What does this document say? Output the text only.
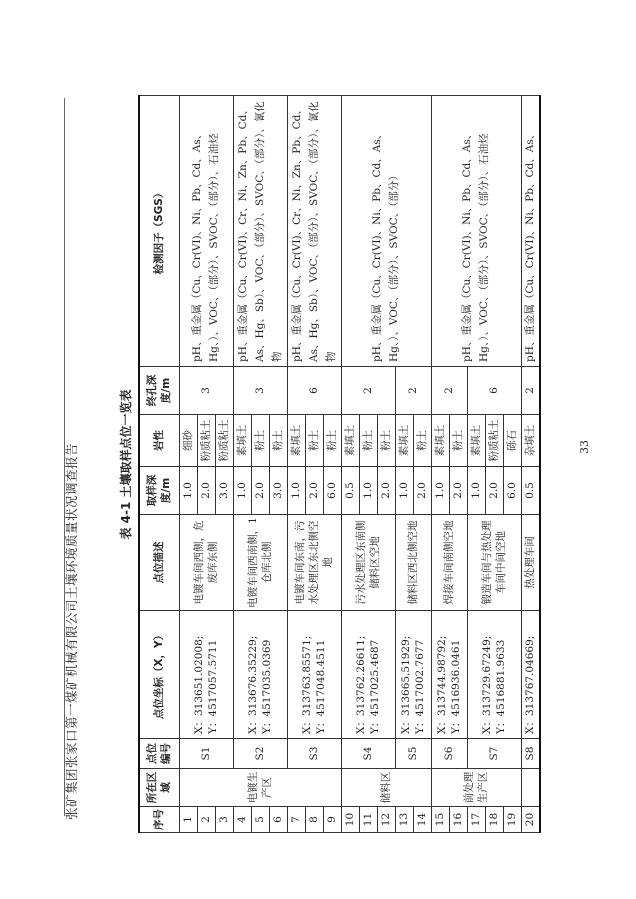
张矿集团张家口第一煤矿机械有限公司土壤环境质量状况调查报告	33
表 4-1 土壤取样点位一览表
序号	所在区域	点位编号	点位坐标（X，Y）	点位描述	取样深度/m	岩性	终孔深度/m	检测因子（SGS）
1	电镀生产区	S1	X：313651.02008; Y：4517057.5711	电镀车间西侧，危废库东侧	1.0	细砂	3	pH、重金属（Cu、Cr(VI)、Ni、Pb、Cd、As、Hg、）、VOC、（部分）、SVOC、（部分）、石油烃
2					2.0	粉质粘土		
3					3.0	粉质粘土		
4		S2	X：313676.35229; Y：4517035.0369	电镀车间西南侧，1 仓库北侧	1.0	素填土	3	pH、重金属（Cu、Cr(VI)、Cr、Ni、Zn、Pb、Cd、As、Hg、Sb）、VOC、（部分）、SVOC、（部分）、氰化物
5					2.0	粉土		
6					3.0	粉土		
7		S3	X：313763.85571; Y：4517048.4511	电镀车间东南，污水处理区东北侧空地	1.0	素填土	6	pH、重金属（Cu、Cr(VI)、Cr、Ni、Zn、Pb、Cd、As、Hg、Sb）、VOC、（部分）、SVOC、（部分）、氰化物
8					2.0	粉土		
9					6.0	粉土		
10	储料区	S4	X：313762.26611; Y：4517025.4687	污水处理区东南侧储料区空地	0.5	素填土	2	pH、重金属（Cu、Cr(VI)、Ni、Pb、Cd、As、Hg、）、VOC、（部分）、SVOC、（部分）
11					1.0	粉土		
12					2.0	粉土		
13		S5	X：313665.51929; Y：4517002.7677	储料区西北侧空地	1.0	素填土	2	
14					2.0	粉土		
15	前处理生产区	S6	X：313744.98792; Y：4516936.0461	焊接车间南侧空地	1.0	素填土	2	pH、重金属（Cu、Cr(VI)、Ni、Pb、Cd、As、Hg、）、VOC、（部分）、SVOC、（部分）、石油烃
16					2.0	粉土		
17		S7	X：313729.67249; Y：4516881.9633	锻造车间与热处理车间中间空地	1.0	素填土	6	
18					2.0	粉质粘土		
19					6.0	砾石		
20		S8	X：313767.04669;	热处理车间	0.5	杂填土	2	pH、重金属（Cu、Cr(VI)、Ni、Pb、Cd、As、
